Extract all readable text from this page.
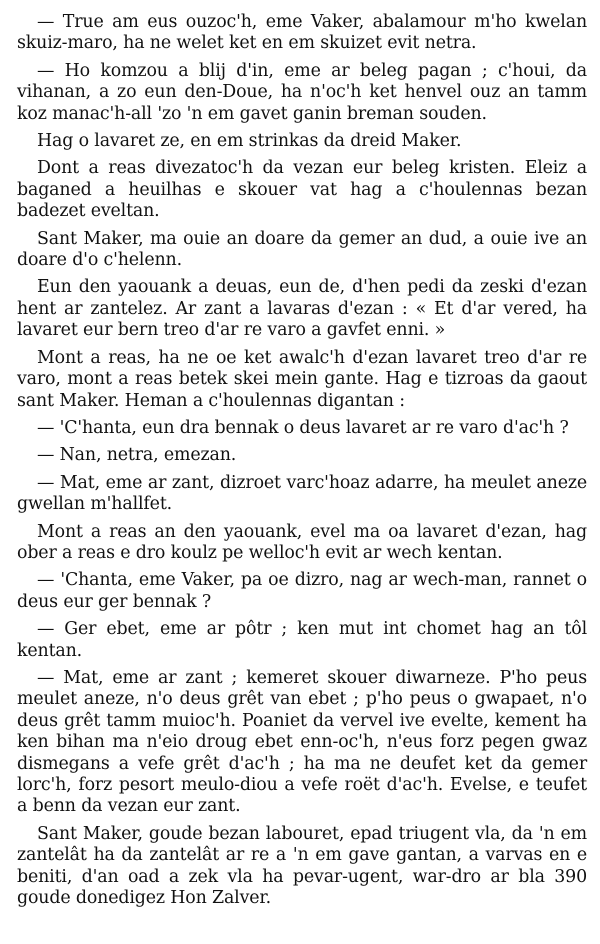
— True am eus ouzoc'h, eme Vaker, abalamour m'ho kwelan skuiz-maro, ha ne welet ket en em skuizet evit netra.

— Ho komzou a blij d'in, eme ar beleg pagan ; c'houi, da vihanan, a zo eun den-Doue, ha n'oc'h ket henvel ouz an tamm koz manac'h-all 'zo 'n em gavet ganin breman souden.

Hag o lavaret ze, en em strinkas da dreid Maker.

Dont a reas divezatoc'h da vezan eur beleg kristen. Eleiz a baganed a heuilhas e skouer vat hag a c'houlennas bezan badezet eveltan.

Sant Maker, ma ouie an doare da gemer an dud, a ouie ive an doare d'o c'helenn.

Eun den yaouank a deuas, eun de, d'hen pedi da zeski d'ezan hent ar zantelez. Ar zant a lavaras d'ezan : « Et d'ar vered, ha lavaret eur bern treo d'ar re varo a gavfet enni. »

Mont a reas, ha ne oe ket awalc'h d'ezan lavaret treo d'ar re varo, mont a reas betek skei mein gante. Hag e tizroas da gaout sant Maker. Heman a c'houlennas digantan :

— 'C'hanta, eun dra bennak o deus lavaret ar re varo d'ac'h ?

— Nan, netra, emezan.

— Mat, eme ar zant, dizroet varc'hoaz adarre, ha meulet aneze gwellan m'hallfet.

Mont a reas an den yaouank, evel ma oa lavaret d'ezan, hag ober a reas e dro koulz pe welloc'h evit ar wech kentan.

— 'Chanta, eme Vaker, pa oe dizro, nag ar wech-man, rannet o deus eur ger bennak ?

— Ger ebet, eme ar pôtr ; ken mut int chomet hag an tôl kentan.

— Mat, eme ar zant ; kemeret skouer diwarneze. P'ho peus meulet aneze, n'o deus grêt van ebet ; p'ho peus o gwapaet, n'o deus grêt tamm muioc'h. Poaniet da vervel ive evelte, kement ha ken bihan ma n'eio droug ebet enn-oc'h, n'eus forz pegen gwaz dismegans a vefe grêt d'ac'h ; ha ma ne deufet ket da gemer lorc'h, forz pesort meulo-diou a vefe roët d'ac'h. Evelse, e teufet a benn da vezan eur zant.

Sant Maker, goude bezan labouret, epad triugent vla, da 'n em zantelât ha da zantelât ar re a 'n em gave gantan, a varvas en e beniti, d'an oad a zek vla ha pevar-ugent, war-dro ar bla 390 goude donedigez Hon Zalver.
